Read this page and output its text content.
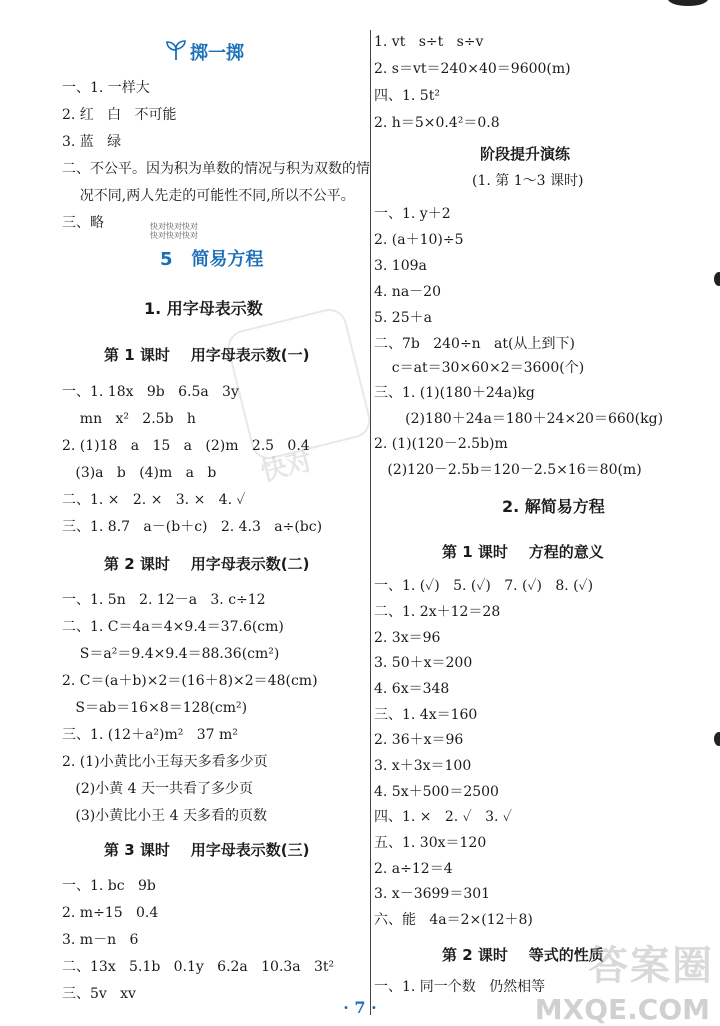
快对
掷一掷
一、1. 一样大
2. 红   白   不可能
3. 蓝   绿
二、不公平。因为积为单数的情况与积为双数的情
况不同,两人先走的可能性不同,所以不公平。
三、略	快对快对快对
快对快对快对
5   简易方程
1. 用字母表示数
第 1 课时    用字母表示数(一)
一、1. 18x   9b   6.5a   3y
mn   x²   2.5b   h
2. (1)18   a   15   a   (2)m   2.5   0.4
(3)a   b   (4)m   a   b
二、1. ×   2. ×   3. ×   4. ✓
三、1. 8.7   a－(b＋c)   2. 4.3   a÷(bc)
第 2 课时    用字母表示数(二)
一、1. 5n   2. 12－a   3. c÷12
二、1. C＝4a＝4×9.4＝37.6(cm)
S＝a²＝9.4×9.4＝88.36(cm²)
2. C＝(a＋b)×2＝(16＋8)×2＝48(cm)
S＝ab＝16×8＝128(cm²)
三、1. (12＋a²)m²   37 m²
2. (1)小黄比小王每天多看多少页
(2)小黄 4 天一共看了多少页
(3)小黄比小王 4 天多看的页数
第 3 课时    用字母表示数(三)
一、1. bc   9b
2. m÷15   0.4
3. m－n   6
二、13x   5.1b   0.1y   6.2a   10.3a   3t²
三、5v   xv
1. vt   s÷t   s÷v
2. s＝vt＝240×40＝9600(m)
四、1. 5t²
2. h＝5×0.4²＝0.8
阶段提升演练
(1. 第 1～3 课时)
一、1. y＋2
2. (a＋10)÷5
3. 109a
4. na－20
5. 25＋a
二、7b   240÷n   at(从上到下)
c＝at＝30×60×2＝3600(个)
三、1. (1)(180＋24a)kg
(2)180＋24a＝180＋24×20＝660(kg)
2. (1)(120－2.5b)m
(2)120－2.5b＝120－2.5×16＝80(m)
2. 解简易方程
第 1 课时    方程的意义
一、1. (✓)   5. (✓)   7. (✓)   8. (✓)
二、1. 2x＋12＝28
2. 3x＝96
3. 50＋x＝200
4. 6x＝348
三、1. 4x＝160
2. 36＋x＝96
3. x＋3x＝100
4. 5x＋500＝2500
四、1. ×   2. ✓   3. ✓
五、1. 30x＝120
2. a÷12＝4
3. x－3699＝301
六、能   4a＝2×(12＋8)
第 2 课时    等式的性质
一、1. 同一个数   仍然相等 答案圈
MXQE.COM
· 7 ·
